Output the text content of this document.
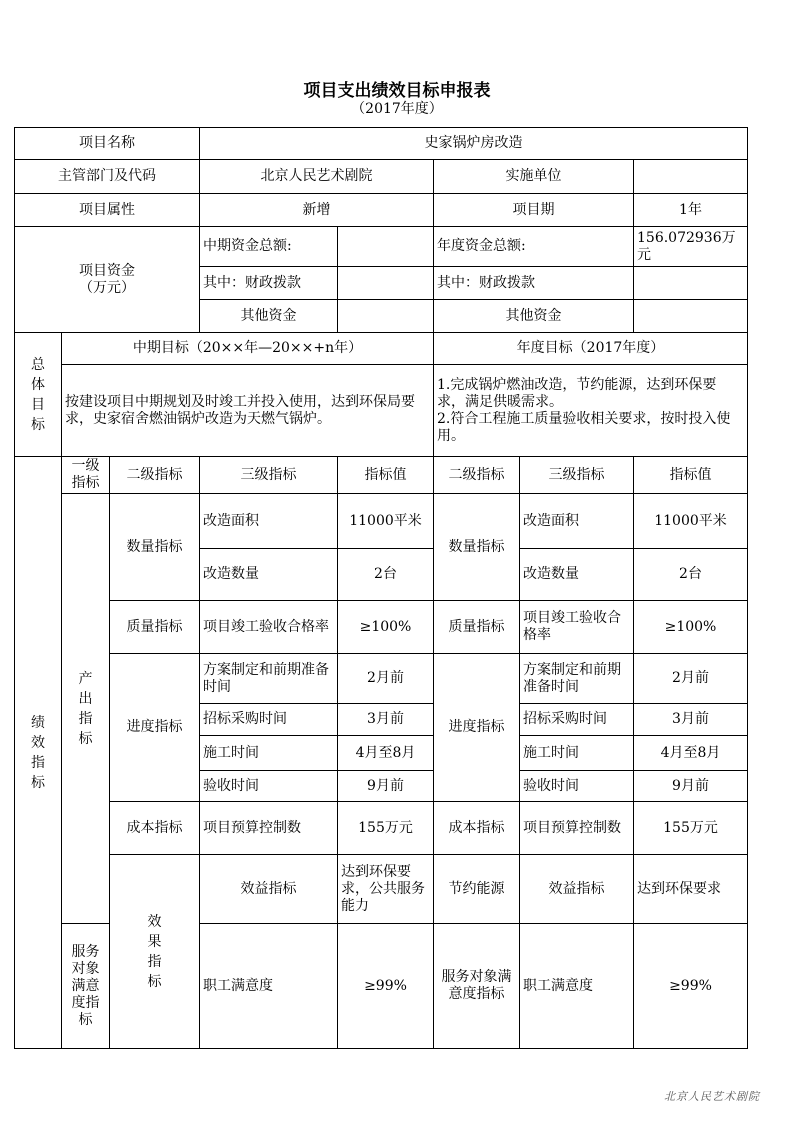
项目支出绩效目标申报表
（2017年度）
项目名称			史家锅炉房改造					
主管部门及代码			北京人民艺术剧院		实施单位			
项目属性			新增		项目期		1年	

项目资金
（万元）			中期资金总额:		年度资金总额:		156.072936万元	
			其中：财政拨款		其中：财政拨款			
			其他资金		其他资金			

总体目标	中期目标（20××年—20××+n年）				年度目标（2017年度）			
	按建设项目中期规划及时竣工并投入使用，达到环保局要求，史家宿舍燃油锅炉改造为天燃气锅炉。				1.完成锅炉燃油改造，节约能源，达到环保要求，满足供暖需求。
2.符合工程施工质量验收相关要求，按时投入使用。			

绩效指标	一级指标	二级指标	三级指标	指标值	二级指标	三级指标	指标值	

	产出指标	数量指标	改造面积	11000平米	数量指标	改造面积	11000平米	
			改造数量	2台		改造数量	2台	
		质量指标	项目竣工验收合格率	≥100%	质量指标	项目竣工验收合格率	≥100%	
		进度指标	方案制定和前期准备时间	2月前	进度指标	方案制定和前期准备时间	2月前	
			招标采购时间	3月前		招标采购时间	3月前	
			施工时间	4月至8月		施工时间	4月至8月	
			验收时间	9月前		验收时间	9月前	
		成本指标	项目预算控制数	155万元	成本指标	项目预算控制数	155万元	

		效果指标	效益指标	达到环保要求，公共服务能力	节约能源	效益指标	达到环保要求	
	服务对象满意度指标		职工满意度	≥99%	服务对象满意度指标	职工满意度	≥99%	
北京人民艺术剧院
